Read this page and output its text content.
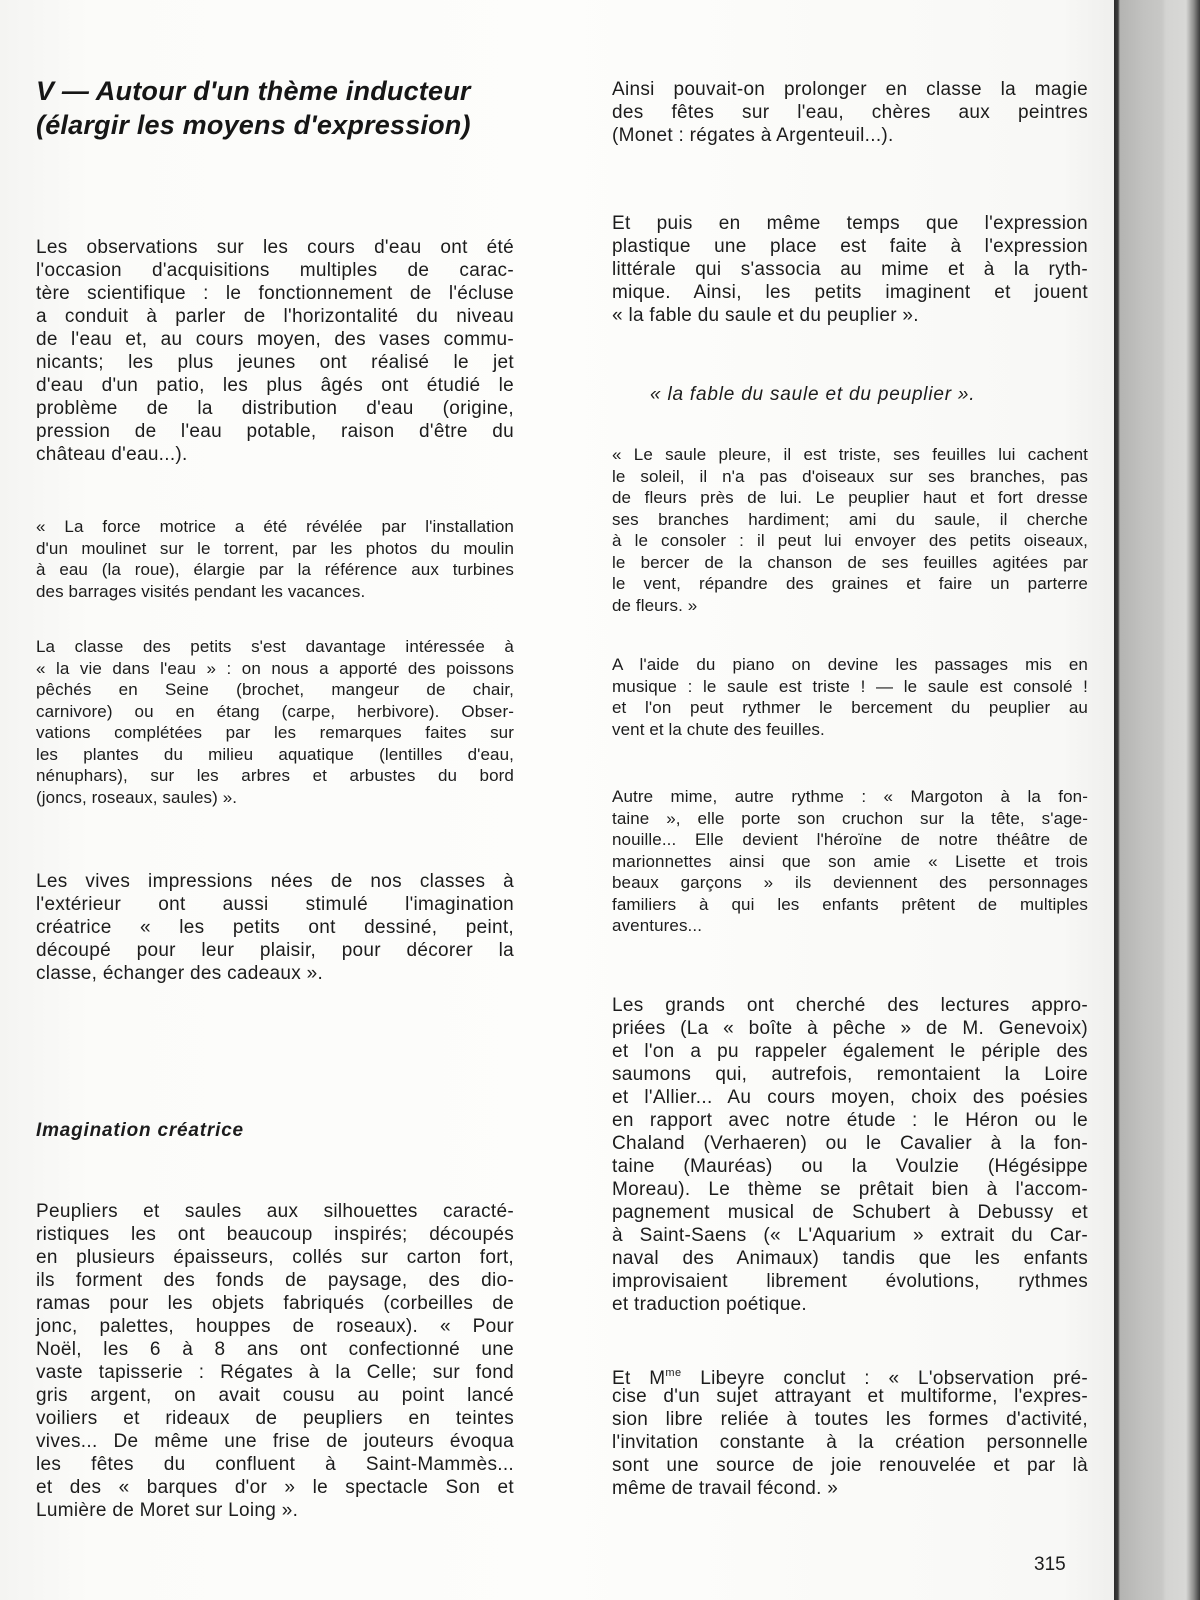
V — Autour d'un thème inducteur
(élargir les moyens d'expression)
Les observations sur les cours d'eau ont été
l'occasion d'acquisitions multiples de carac-
tère scientifique : le fonctionnement de l'écluse
a conduit à parler de l'horizontalité du niveau
de l'eau et, au cours moyen, des vases commu-
nicants; les plus jeunes ont réalisé le jet
d'eau d'un patio, les plus âgés ont étudié le
problème de la distribution d'eau (origine,
pression de l'eau potable, raison d'être du
château d'eau...).
« La force motrice a été révélée par l'installation
d'un moulinet sur le torrent, par les photos du moulin
à eau (la roue), élargie par la référence aux turbines
des barrages visités pendant les vacances.
La classe des petits s'est davantage intéressée à
« la vie dans l'eau » : on nous a apporté des poissons
pêchés en Seine (brochet, mangeur de chair,
carnivore) ou en étang (carpe, herbivore). Obser-
vations complétées par les remarques faites sur
les plantes du milieu aquatique (lentilles d'eau,
nénuphars), sur les arbres et arbustes du bord
(joncs, roseaux, saules) ».
Les vives impressions nées de nos classes à
l'extérieur ont aussi stimulé l'imagination
créatrice « les petits ont dessiné, peint,
découpé pour leur plaisir, pour décorer la
classe, échanger des cadeaux ».
Imagination créatrice
Peupliers et saules aux silhouettes caracté-
ristiques les ont beaucoup inspirés; découpés
en plusieurs épaisseurs, collés sur carton fort,
ils forment des fonds de paysage, des dio-
ramas pour les objets fabriqués (corbeilles de
jonc, palettes, houppes de roseaux). « Pour
Noël, les 6 à 8 ans ont confectionné une
vaste tapisserie : Régates à la Celle; sur fond
gris argent, on avait cousu au point lancé
voiliers et rideaux de peupliers en teintes
vives... De même une frise de jouteurs évoqua
les fêtes du confluent à Saint-Mammès...
et des « barques d'or » le spectacle Son et
Lumière de Moret sur Loing ».
Ainsi pouvait-on prolonger en classe la magie
des fêtes sur l'eau, chères aux peintres
(Monet : régates à Argenteuil...).
Et puis en même temps que l'expression
plastique une place est faite à l'expression
littérale qui s'associa au mime et à la ryth-
mique. Ainsi, les petits imaginent et jouent
« la fable du saule et du peuplier ».
« la fable du saule et du peuplier ».
« Le saule pleure, il est triste, ses feuilles lui cachent
le soleil, il n'a pas d'oiseaux sur ses branches, pas
de fleurs près de lui. Le peuplier haut et fort dresse
ses branches hardiment; ami du saule, il cherche
à le consoler : il peut lui envoyer des petits oiseaux,
le bercer de la chanson de ses feuilles agitées par
le vent, répandre des graines et faire un parterre
de fleurs. »
A l'aide du piano on devine les passages mis en
musique : le saule est triste ! — le saule est consolé !
et l'on peut rythmer le bercement du peuplier au
vent et la chute des feuilles.
Autre mime, autre rythme : « Margoton à la fon-
taine », elle porte son cruchon sur la tête, s'age-
nouille... Elle devient l'héroïne de notre théâtre de
marionnettes ainsi que son amie « Lisette et trois
beaux garçons » ils deviennent des personnages
familiers à qui les enfants prêtent de multiples
aventures...
Les grands ont cherché des lectures appro-
priées (La « boîte à pêche » de M. Genevoix)
et l'on a pu rappeler également le périple des
saumons qui, autrefois, remontaient la Loire
et l'Allier... Au cours moyen, choix des poésies
en rapport avec notre étude : le Héron ou le
Chaland (Verhaeren) ou le Cavalier à la fon-
taine (Mauréas) ou la Voulzie (Hégésippe
Moreau). Le thème se prêtait bien à l'accom-
pagnement musical de Schubert à Debussy et
à Saint-Saens (« L'Aquarium » extrait du Car-
naval des Animaux) tandis que les enfants
improvisaient librement évolutions, rythmes
et traduction poétique.
Et $M^{me}$ Libeyre conclut : « L'observation pré-
cise d'un sujet attrayant et multiforme, l'expres-
sion libre reliée à toutes les formes d'activité,
l'invitation constante à la création personnelle
sont une source de joie renouvelée et par là
même de travail fécond. »
315
